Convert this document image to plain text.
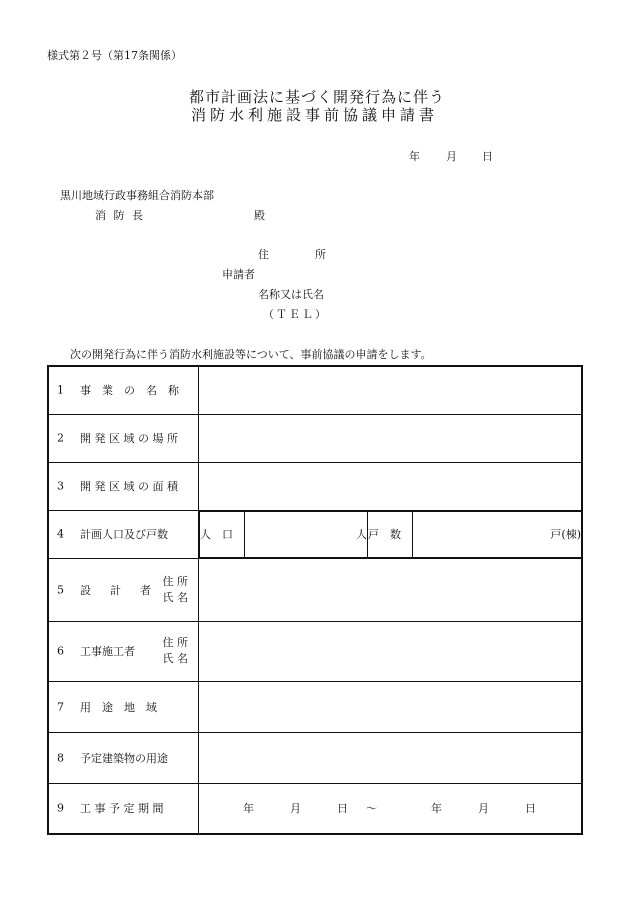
様式第２号（第17条関係）
都市計画法に基づく開発行為に伴う
消防水利施設事前協議申請書
年 月 日
黒川地域行政事務組合消防本部
消 防 長	殿
住	所
申請者
名称又は氏名
（ＴＥＬ）
次の開発行為に伴う消防水利施設等について、事前協議の申請をします。
1 事　業　の　名　称

2 開 発 区 域 の 場 所

3 開 発 区 域 の 面 積

4 計画人口及び戸数
		人　口	人	戸　数	戸(棟)

5 設　計　者
住 所
氏 名

6 工事施工者
住 所
氏 名

7 用　途　地　域

8 予定建築物の用途

9 工 事 予 定 期 間	年	月	日 ～	年	月	日
